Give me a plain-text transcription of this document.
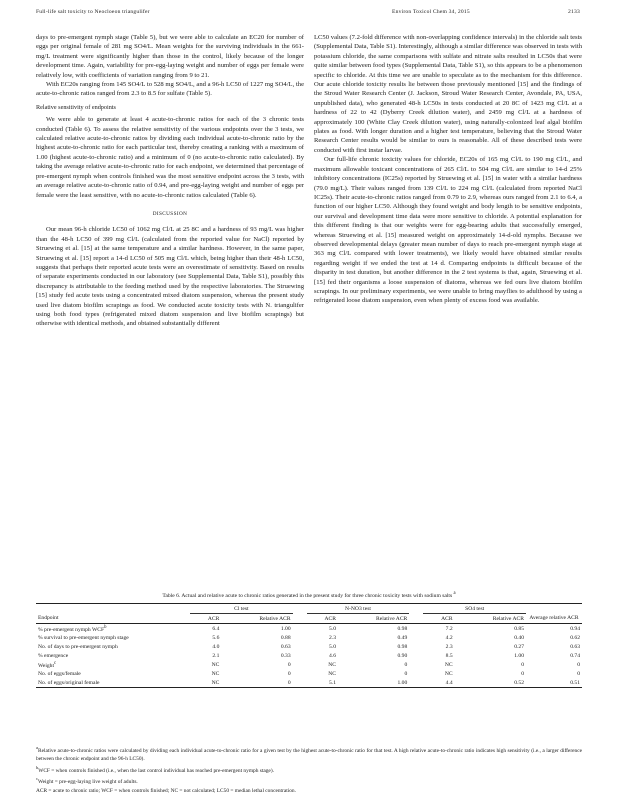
Full-life salt toxicity to Neocloeon triangulifer	Environ Toxicol Chem 34, 2015	2133

days to pre-emergent nymph stage (Table 5), but we were able to calculate an EC20 for number of eggs per original female of 281 mg SO4/L. Mean weights for the surviving individuals in the 661-mg/L treatment were significantly higher than those in the control, likely because of the longer development time. Again, variability for pre-egg-laying weight and number of eggs per female were relatively low, with coefficients of variation ranging from 9 to 21.

With EC20s ranging from 145 SO4/L to 528 mg SO4/L, and a 96-h LC50 of 1227 mg SO4/L, the acute-to-chronic ratios ranged from 2.3 to 8.5 for sulfate (Table 5).

Relative sensitivity of endpoints

We were able to generate at least 4 acute-to-chronic ratios for each of the 3 chronic tests conducted (Table 6). To assess the relative sensitivity of the various endpoints over the 3 tests, we calculated relative acute-to-chronic ratios by dividing each individual acute-to-chronic ratio by the highest acute-to-chronic ratio for each particular test, thereby creating a ranking with a maximum of 1.00 (highest acute-to-chronic ratio) and a minimum of 0 (no acute-to-chronic ratio calculated). By taking the average relative acute-to-chronic ratio for each endpoint, we determined that percentage of pre-emergent nymph when controls finished was the most sensitive endpoint across the 3 tests, with an average relative acute-to-chronic ratio of 0.94, and pre-egg-laying weight and number of eggs per female were the least sensitive, with no acute-to-chronic ratios calculated (Table 6).

DISCUSSION

Our mean 96-h chloride LC50 of 1062 mg Cl/L at 25 8C and a hardness of 93 mg/L was higher than the 48-h LC50 of 399 mg Cl/L (calculated from the reported value for NaCl) reported by Struewing et al. [15] at the same temperature and a similar hardness. However, in the same paper, Struewing et al. [15] report a 14-d LC50 of 505 mg Cl/L which, being higher than their 48-h LC50, suggests that perhaps their reported acute tests were an overestimate of sensitivity. Based on results of separate experiments conducted in our laboratory (see Supplemental Data, Table S1), possibly this discrepancy is attributable to the feeding method used by the respective laboratories. The Struewing [15] study fed acute tests using a concentrated mixed diatom suspension, whereas the present study used live diatom biofilm scrapings as food. We conducted acute toxicity tests with N. triangulifer using both food types (refrigerated mixed diatom suspension and live biofilm scrapings) but otherwise with identical methods, and obtained substantially different

LC50 values (7.2-fold difference with non-overlapping confidence intervals) in the chloride salt tests (Supplemental Data, Table S1). Interestingly, although a similar difference was observed in tests with potassium chloride, the same comparisons with sulfate and nitrate salts resulted in LC50s that were quite similar between food types (Supplemental Data, Table S1), so this appears to be a phenomenon specific to chloride. At this time we are unable to speculate as to the mechanism for this difference. Our acute chloride toxicity results lie between those previously mentioned [15] and the findings of the Stroud Water Research Center (J. Jackson, Stroud Water Research Center, Avondale, PA, USA, unpublished data), who generated 48-h LC50s in tests conducted at 20 8C of 1423 mg Cl/L at a hardness of 22 to 42 (Dyberry Creek dilution water), and 2459 mg Cl/L at a hardness of approximately 100 (White Clay Creek dilution water), using naturally-colonized leaf algal biofilm plates as food. With longer duration and a higher test temperature, believing that the Stroud Water Research Center results would be similar to ours is reasonable. All of these described tests were conducted with first instar larvae.

Our full-life chronic toxicity values for chloride, EC20s of 165 mg Cl/L to 190 mg Cl/L, and maximum allowable toxicant concentrations of 265 Cl/L to 504 mg Cl/L are similar to 14-d 25% inhibitory concentrations (IC25s) reported by Struewing et al. [15] in water with a similar hardness (79.0 mg/L). Their values ranged from 139 Cl/L to 224 mg Cl/L (calculated from reported NaCl IC25s). Their acute-to-chronic ratios ranged from 0.79 to 2.9, whereas ours ranged from 2.1 to 6.4, a function of our higher LC50. Although they found weight and body length to be sensitive endpoints, our survival and development time data were more sensitive to chloride. A potential explanation for this different finding is that our weights were for egg-bearing adults that successfully emerged, whereas Struewing et al. [15] measured weight on approximately 14-d-old nymphs. Because we observed developmental delays (greater mean number of days to reach pre-emergent nymph stage at 363 mg Cl/L compared with lower treatments), we likely would have obtained similar results regarding weight if we ended the test at 14 d. Comparing endpoints is difficult because of the disparity in test duration, but another difference in the 2 test systems is that, again, Struewing et al. [15] fed their organisms a loose suspension of diatoms, whereas we fed ours live diatom biofilm scrapings. In our preliminary experiments, we were unable to bring mayflies to adulthood by using a refrigerated loose diatom suspension, even when plenty of excess food was available.

Table 6. Actual and relative acute to chronic ratios generated in the present study for three chronic toxicity tests with sodium salts $^a$
	Cl test			N-NO3 test			SO4 test		
Endpoint	ACR	Relative ACR		ACR	Relative ACR		ACR	Relative ACR	Average relative ACR
% pre-emergent nymph WCF$^b$	6.4	1.00		5.0	0.98		7.2	0.85	0.94
% survival to pre-emergent nymph stage	5.6	0.88		2.3	0.49		4.2	0.40	0.62
No. of days to pre-emergent nymph	4.0	0.63		5.0	0.98		2.3	0.27	0.63
% emergence	2.1	0.33		4.6	0.90		8.5	1.00	0.74
Weight$^c$	NC	0		NC	0		NC	0	0
No. of eggs/female	NC	0		NC	0		NC	0	0
No. of eggs/original female	NC	0		5.1	1.00		4.4	0.52	0.51

$^a$Relative acute-to-chronic ratios were calculated by dividing each individual acute-to-chronic ratio for a given test by the highest acute-to-chronic ratio for that test. A high relative acute-to-chronic ratio indicates high sensitivity (i.e., a larger difference between the chronic endpoint and the 96-h LC50).

$^b$WCF = when controls finished (i.e., when the last control individual has reached pre-emergent nymph stage).

$^c$Weight = pre-egg-laying live weight of adults.

ACR = acute to chronic ratio; WCF = when controls finished; NC = not calculated; LC50 = median lethal concentration.
